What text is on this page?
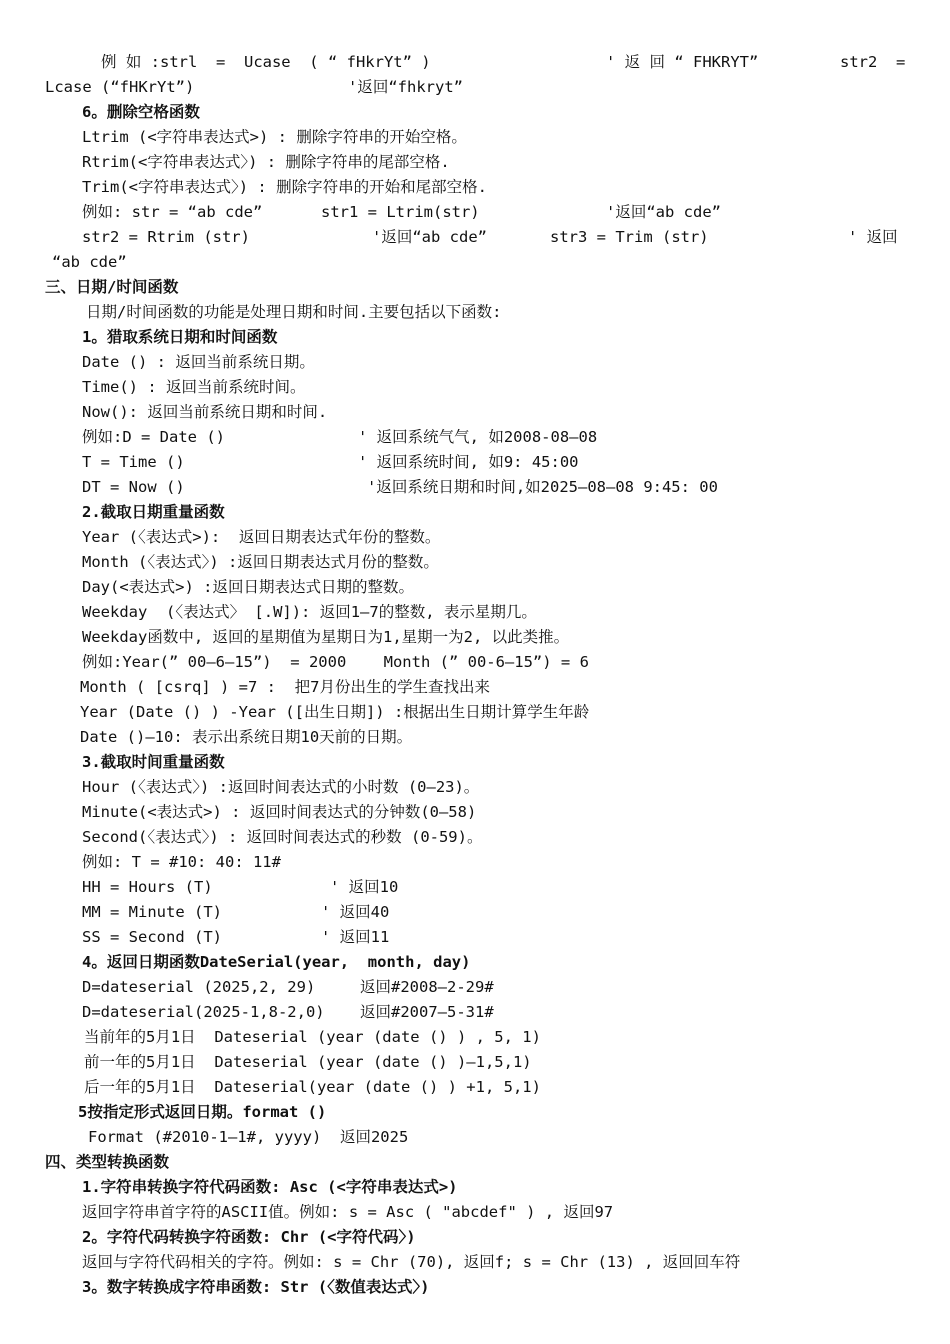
例 如 :strl  =  Ucase  ( “ fHkrYt” )	' 返 回 “ FHKRYT”	str2  =
Lcase (“fHKrYt”)	'返回“fhkryt”
6。删除空格函数
Ltrim (<字符串表达式>) : 删除字符串的开始空格。
Rtrim(<字符串表达式〉) : 删除字符串的尾部空格.
Trim(<字符串表达式〉) : 删除字符串的开始和尾部空格.
例如: str = “ab cde”	str1 = Ltrim(str)	'返回“ab cde”
str2 = Rtrim (str)	'返回“ab cde”	str3 = Trim (str)	' 返回
“ab cde”
三、日期/时间函数
日期/时间函数的功能是处理日期和时间.主要包括以下函数:
1。猎取系统日期和时间函数
Date () : 返回当前系统日期。
Time() : 返回当前系统时间。
Now(): 返回当前系统日期和时间.
例如:D = Date ()	' 返回系统气气, 如2008-08—08
T = Time ()	' 返回系统时间, 如9: 45:00
DT = Now ()	'返回系统日期和时间,如2025—08—08 9:45: 00
2.截取日期重量函数
Year (〈表达式>):  返回日期表达式年份的整数。
Month (〈表达式〉) :返回日期表达式月份的整数。
Day(<表达式>) :返回日期表达式日期的整数。
Weekday  (〈表达式〉 [.W]): 返回1—7的整数, 表示星期几。
Weekday函数中, 返回的星期值为星期日为1,星期一为2, 以此类推。
例如:Year(” 00—6—15”)  = 2000    Month (” 00-6—15”) = 6
Month ( [csrq] ) =7 :  把7月份出生的学生查找出来
Year (Date () ) -Year ([出生日期]) :根据出生日期计算学生年龄
Date ()—10: 表示出系统日期10天前的日期。
3.截取时间重量函数
Hour (〈表达式〉) :返回时间表达式的小时数 (0—23)。
Minute(<表达式>) : 返回时间表达式的分钟数(0—58)
Second(〈表达式〉) : 返回时间表达式的秒数 (0-59)。
例如: T = #10: 40: 11#
HH = Hours (T)	' 返回10
MM = Minute (T)	' 返回40
SS = Second (T)	' 返回11
4。返回日期函数DateSerial(year,  month, day)
D=dateserial (2025,2, 29)	返回#2008—2-29#
D=dateserial(2025-1,8-2,0) 返回#2007—5-31#
当前年的5月1日  Dateserial (year (date () ) , 5, 1)
前一年的5月1日  Dateserial (year (date () )—1,5,1)
后一年的5月1日  Dateserial(year (date () ) +1, 5,1)
5按指定形式返回日期。format ()
Format (#2010-1—1#, yyyy)  返回2025
四、类型转换函数
1.字符串转换字符代码函数: Asc (<字符串表达式>)
返回字符串首字符的ASCII值。例如: s = Asc ( "abcdef" ) , 返回97
2。字符代码转换字符函数: Chr (<字符代码〉)
返回与字符代码相关的字符。例如: s = Chr (70), 返回f; s = Chr (13) , 返回回车符
3。数字转换成字符串函数: Str (〈数值表达式〉)
